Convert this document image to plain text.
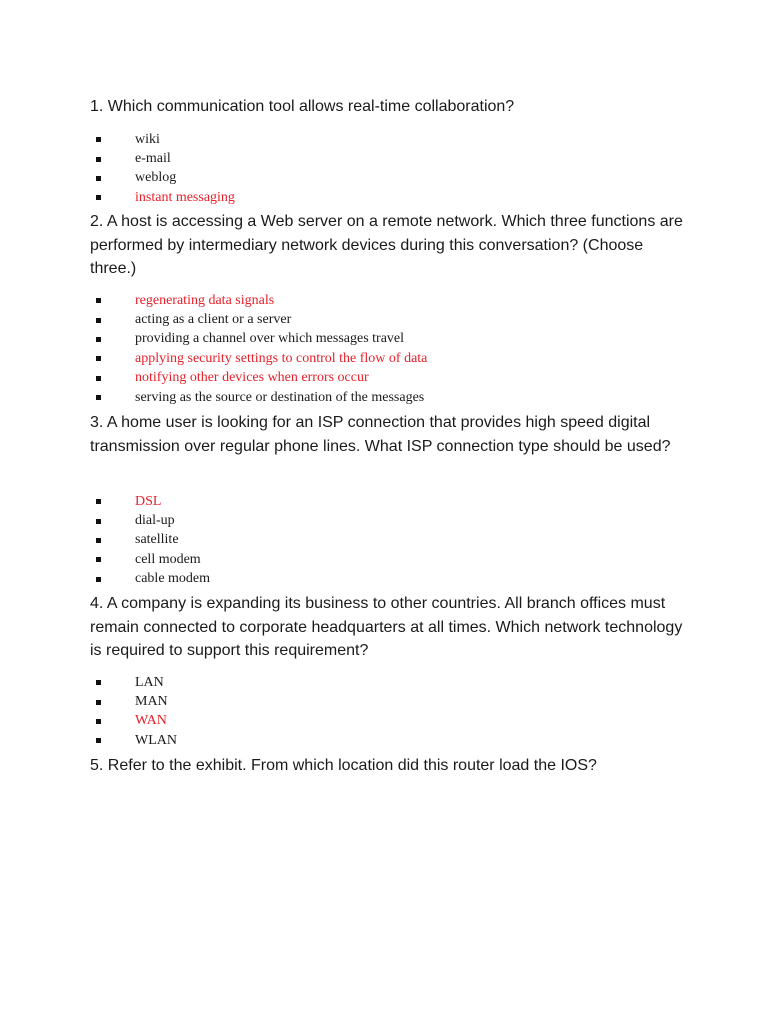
1. Which communication tool allows real-time collaboration?

wiki
e-mail
weblog
instant messaging

2. A host is accessing a Web server on a remote network. Which three functions are performed by intermediary network devices during this conversation? (Choose three.)

regenerating data signals
acting as a client or a server
providing a channel over which messages travel
applying security settings to control the flow of data
notifying other devices when errors occur
serving as the source or destination of the messages

3. A home user is looking for an ISP connection that provides high speed digital transmission over regular phone lines. What ISP connection type should be used?

DSL
dial-up
satellite
cell modem
cable modem

4. A company is expanding its business to other countries. All branch offices must remain connected to corporate headquarters at all times. Which network technology is required to support this requirement?

LAN
MAN
WAN
WLAN

5. Refer to the exhibit. From which location did this router load the IOS?
